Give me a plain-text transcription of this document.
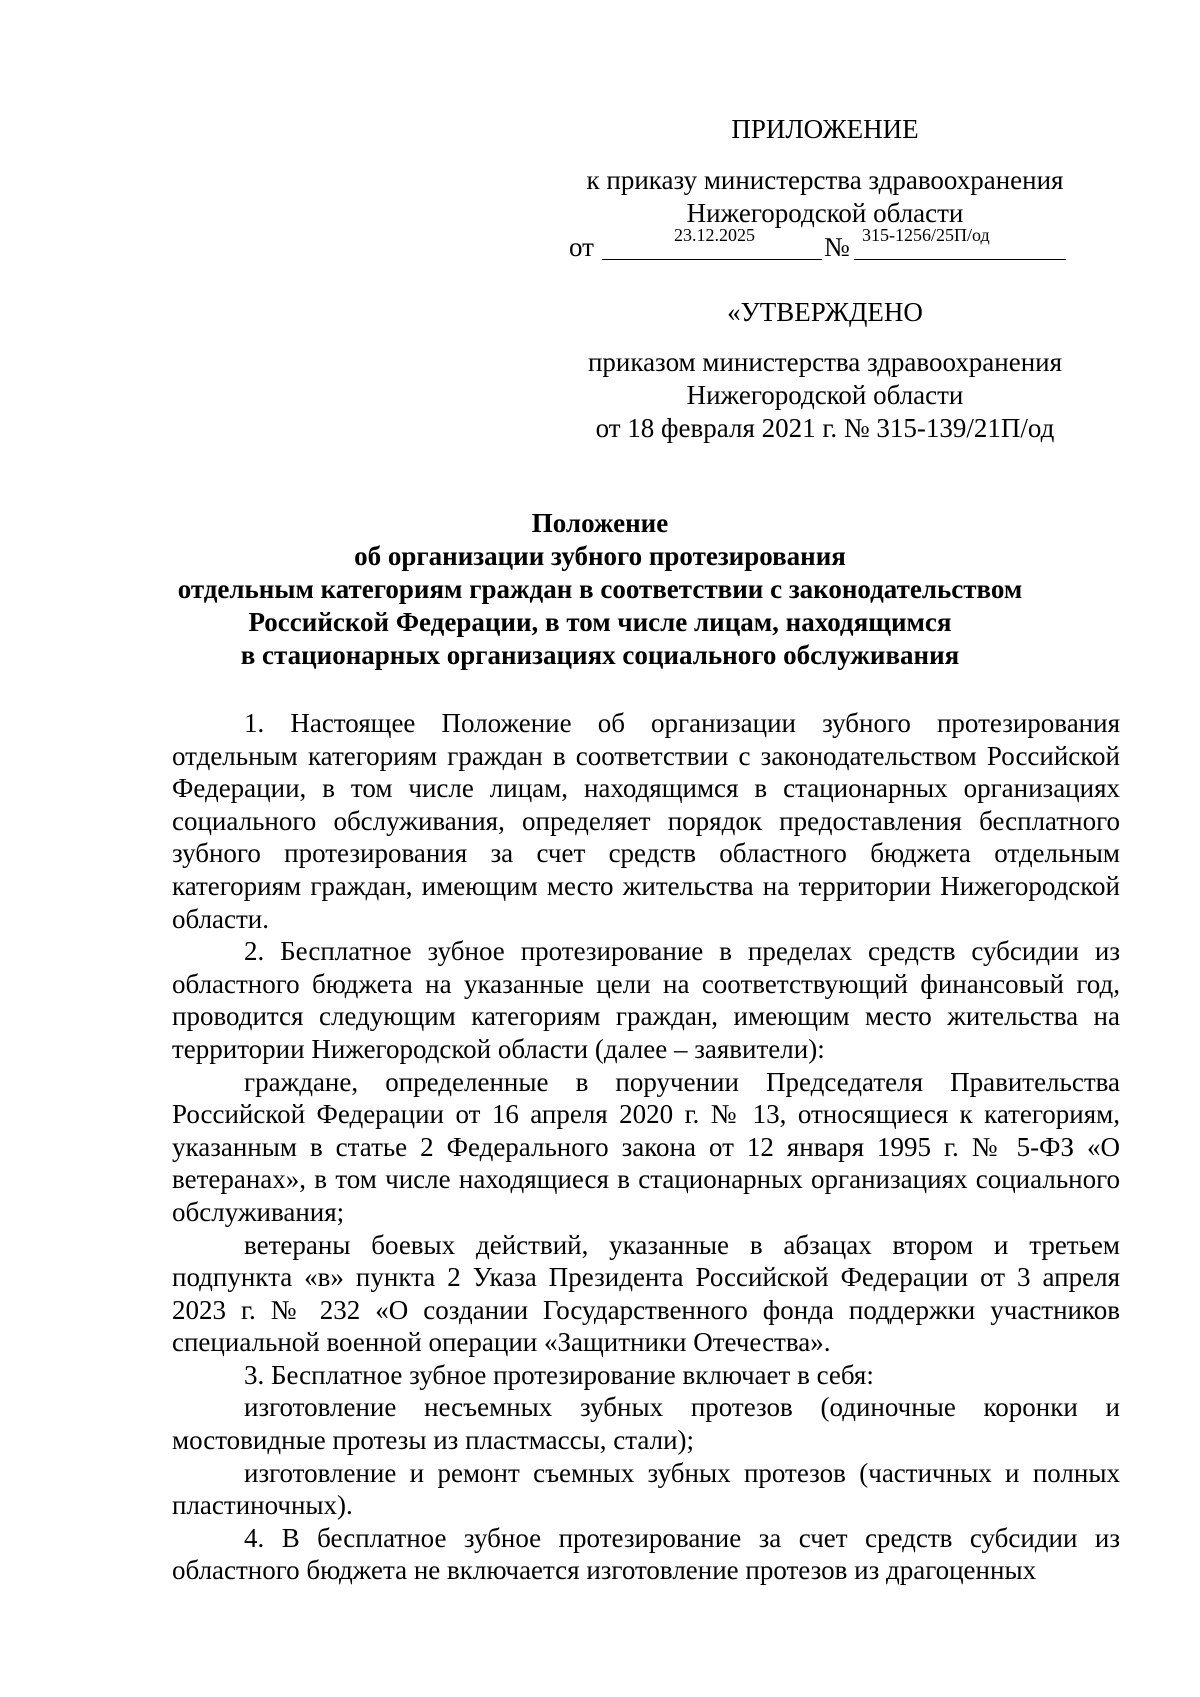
ПРИЛОЖЕНИЕ
к приказу министерства здравоохранения
Нижегородской области
от	23.12.2025	№ 315-1256/25П/од
«УТВЕРЖДЕНО
приказом министерства здравоохранения
Нижегородской области
от 18 февраля 2021 г. № 315-139/21П/од
Положение
об организации зубного протезирования
отдельным категориям граждан в соответствии с законодательством
Российской Федерации, в том числе лицам, находящимся
в стационарных организациях социального обслуживания

1. Настоящее Положение об организации зубного протезирования отдельным категориям граждан в соответствии с законодательством Российской Федерации, в том числе лицам, находящимся в стационарных организациях социального обслуживания, определяет порядок предоставления бесплатного зубного протезирования за счет средств областного бюджета отдельным категориям граждан, имеющим место жительства на территории Нижегородской области.

2. Бесплатное зубное протезирование в пределах средств субсидии из областного бюджета на указанные цели на соответствующий финансовый год, проводится следующим категориям граждан, имеющим место жительства на территории Нижегородской области (далее – заявители):

граждане, определенные в поручении Председателя Правительства Российской Федерации от 16 апреля 2020 г. № 13, относящиеся к категориям, указанным в статье 2 Федерального закона от 12 января 1995 г. № 5-ФЗ «О ветеранах», в том числе находящиеся в стационарных организациях социального обслуживания;

ветераны боевых действий, указанные в абзацах втором и третьем подпункта «в» пункта 2 Указа Президента Российской Федерации от 3 апреля 2023 г. № 232 «О создании Государственного фонда поддержки участников специальной военной операции «Защитники Отечества».

3. Бесплатное зубное протезирование включает в себя:

изготовление несъемных зубных протезов (одиночные коронки и мостовидные протезы из пластмассы, стали);

изготовление и ремонт съемных зубных протезов (частичных и полных пластиночных).

4. В бесплатное зубное протезирование за счет средств субсидии из областного бюджета не включается изготовление протезов из драгоценных
